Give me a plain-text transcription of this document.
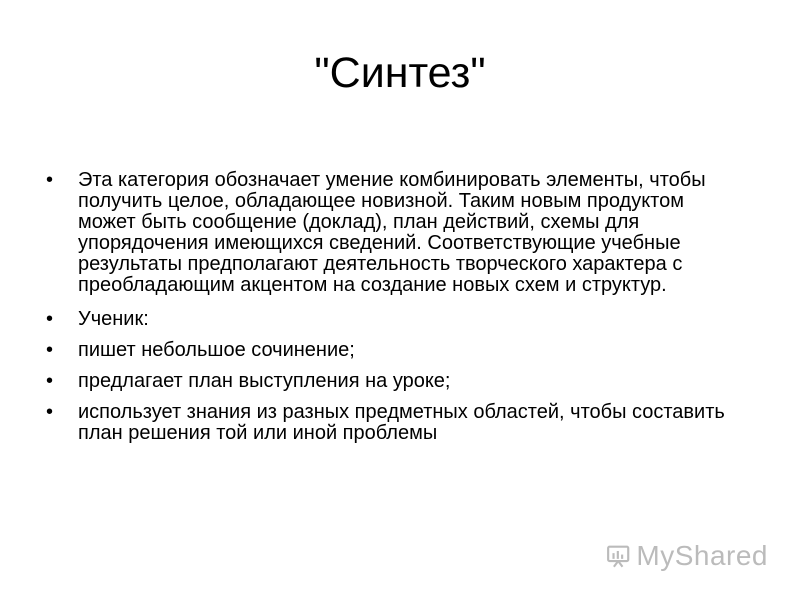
"Синтез"
• Эта категория обозначает умение комбинировать элементы, чтобы получить целое, обладающее новизной. Таким новым продуктом может быть сообщение (доклад), план действий, схемы для упорядочения имеющихся сведений. Соответствующие учебные результаты предполагают деятельность творческого характера с преобладающим акцентом на создание новых схем и структур.
• Ученик:
• пишет небольшое сочинение;
• предлагает план выступления на уроке;
• использует знания из разных предметных областей, чтобы составить план решения той или иной проблемы
MyShared
